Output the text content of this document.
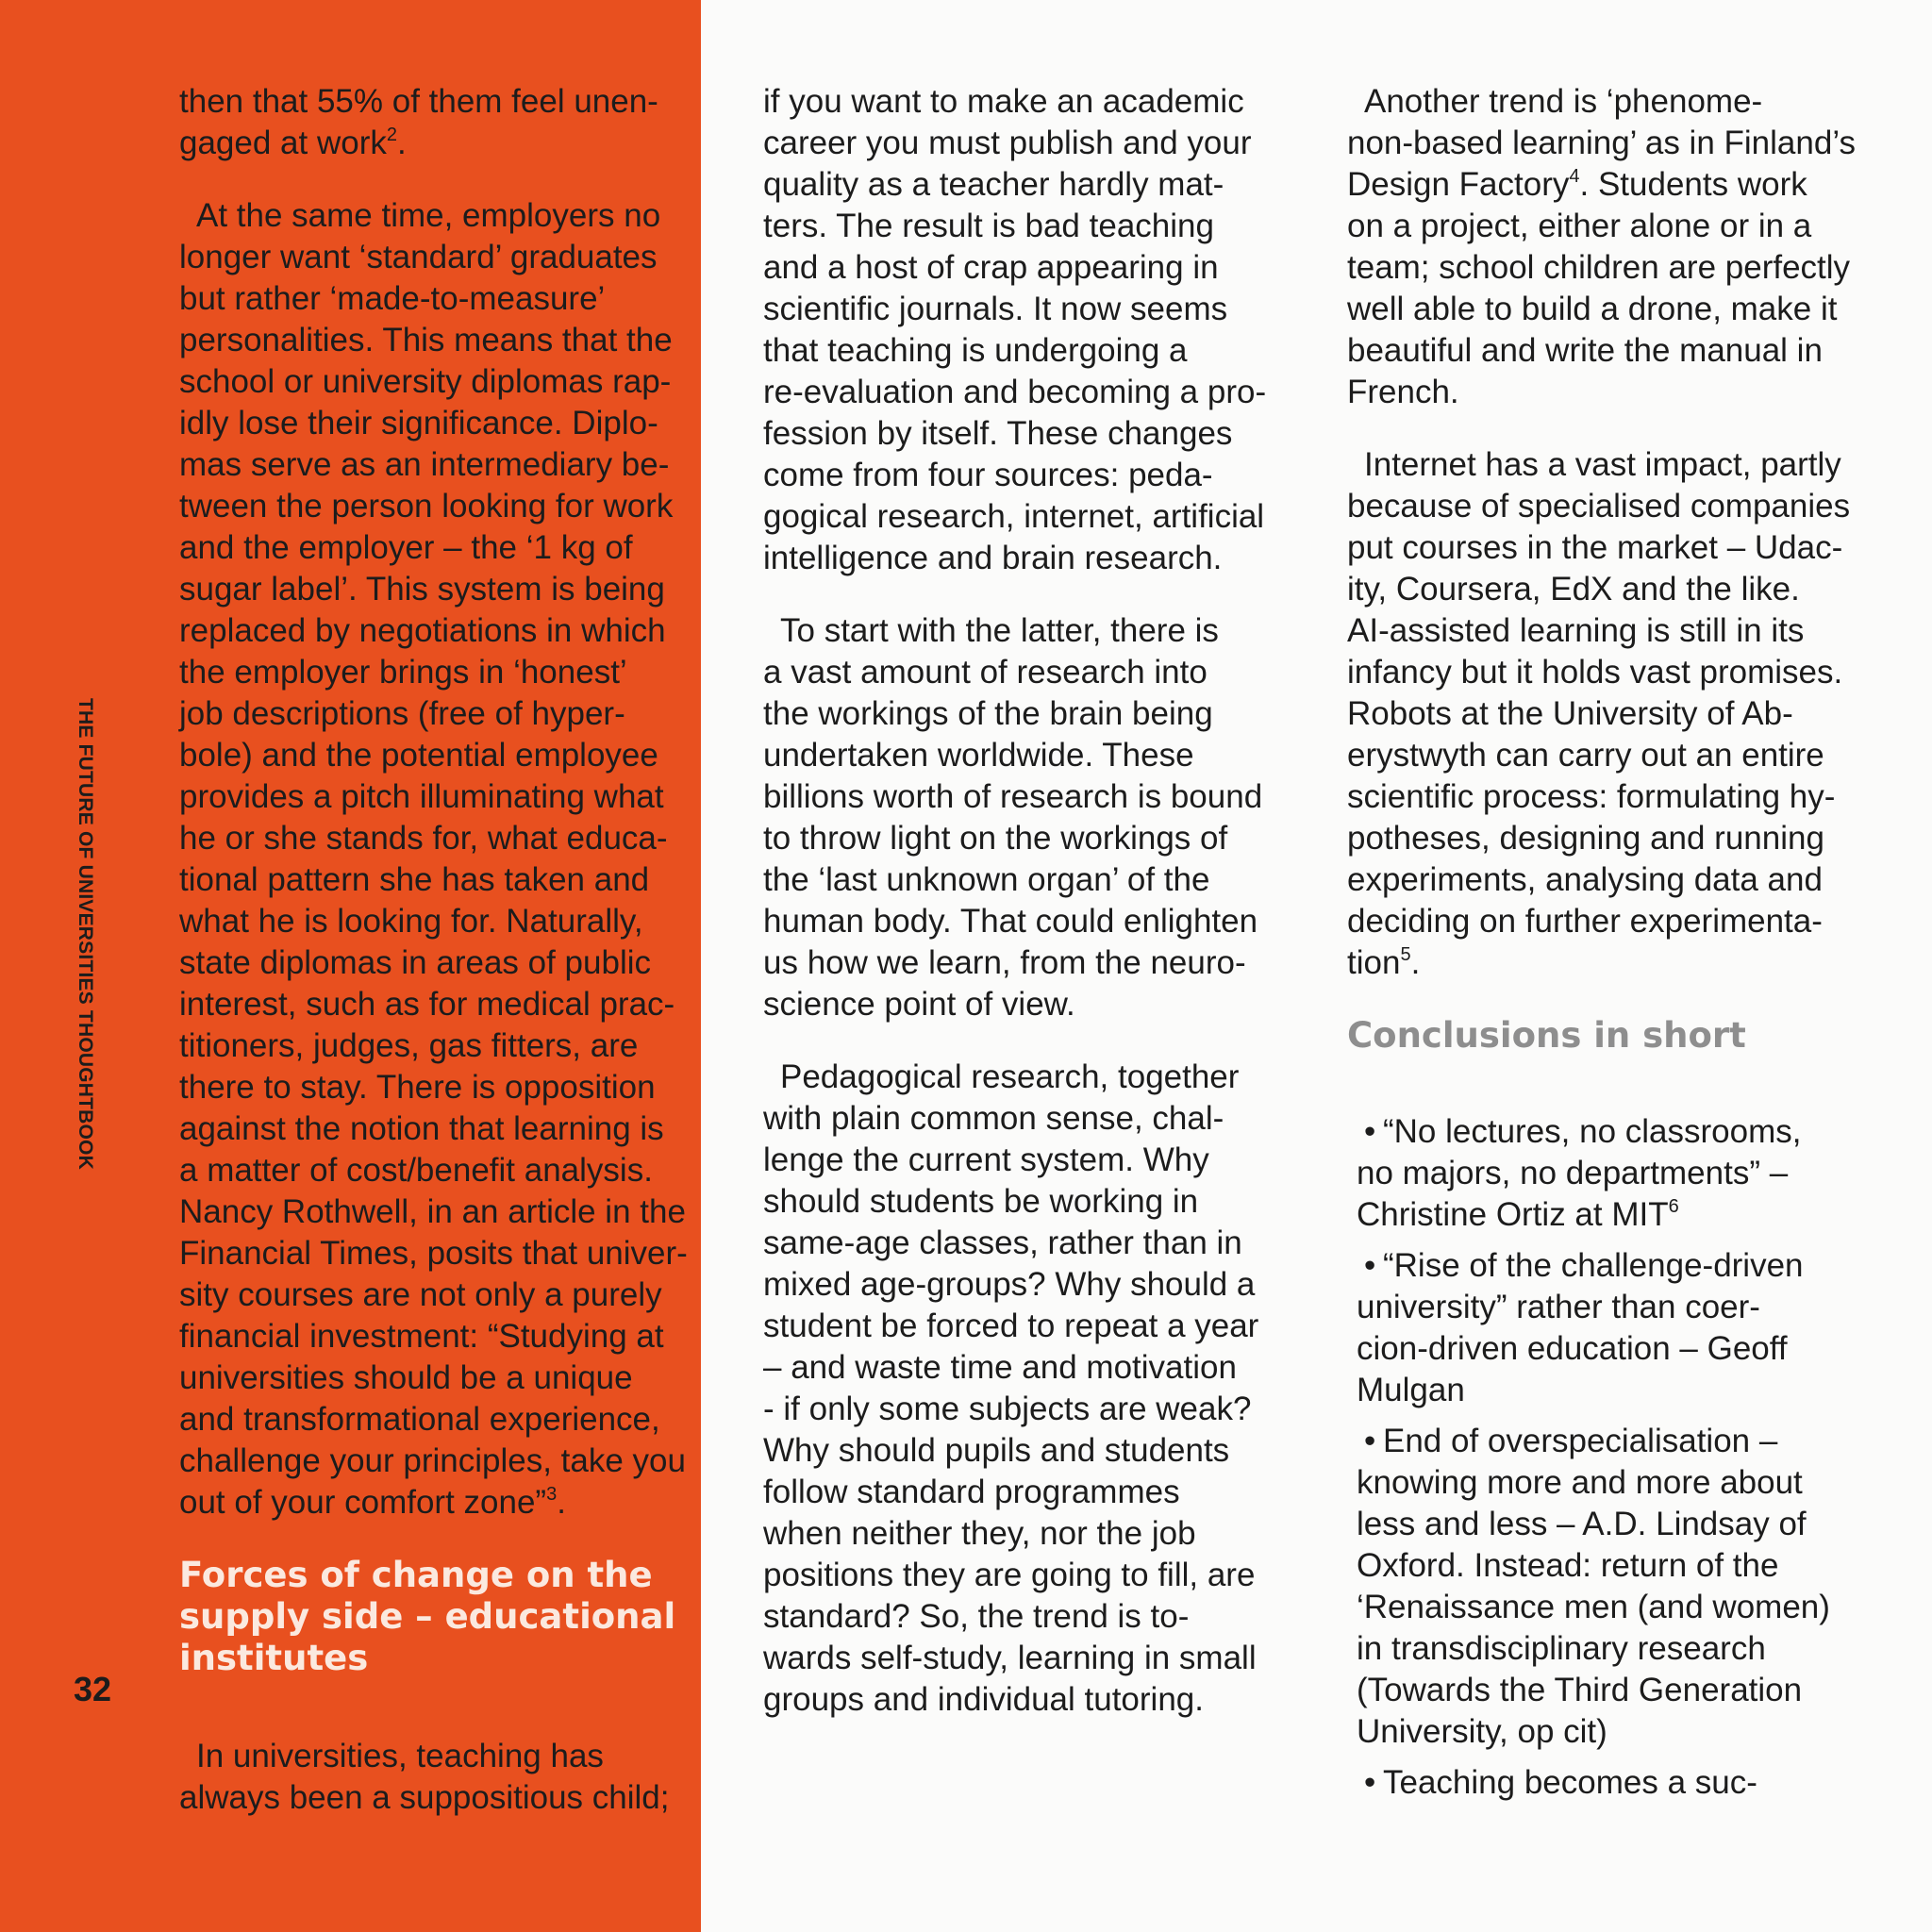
THE FUTURE OF UNIVERSITIES THOUGHTBOOK
32

then that 55% of them feel unen-
gaged at work$^2$.

At the same time, employers no
longer want ‘standard’ graduates
but rather ‘made-to-measure’
personalities. This means that the
school or university diplomas rap-
idly lose their significance. Diplo-
mas serve as an intermediary be-
tween the person looking for work
and the employer – the ‘1 kg of
sugar label’. This system is being
replaced by negotiations in which
the employer brings in ‘honest’
job descriptions (free of hyper-
bole) and the potential employee
provides a pitch illuminating what
he or she stands for, what educa-
tional pattern she has taken and
what he is looking for. Naturally,
state diplomas in areas of public
interest, such as for medical prac-
titioners, judges, gas fitters, are
there to stay. There is opposition
against the notion that learning is
a matter of cost/benefit analysis.
Nancy Rothwell, in an article in the
Financial Times, posits that univer-
sity courses are not only a purely
financial investment: “Studying at
universities should be a unique
and transformational experience,
challenge your principles, take you
out of your comfort zone”$^3$.

Forces of change on the
supply side – educational
institutes

In universities, teaching has
always been a suppositious child;

if you want to make an academic
career you must publish and your
quality as a teacher hardly mat-
ters. The result is bad teaching
and a host of crap appearing in
scientific journals. It now seems
that teaching is undergoing a
re-evaluation and becoming a pro-
fession by itself. These changes
come from four sources: peda-
gogical research, internet, artificial
intelligence and brain research.

To start with the latter, there is
a vast amount of research into
the workings of the brain being
undertaken worldwide. These
billions worth of research is bound
to throw light on the workings of
the ‘last unknown organ’ of the
human body. That could enlighten
us how we learn, from the neuro-
science point of view.

Pedagogical research, together
with plain common sense, chal-
lenge the current system. Why
should students be working in
same-age classes, rather than in
mixed age-groups? Why should a
student be forced to repeat a year
– and waste time and motivation
- if only some subjects are weak?
Why should pupils and students
follow standard programmes
when neither they, nor the job
positions they are going to fill, are
standard? So, the trend is to-
wards self-study, learning in small
groups and individual tutoring.

Another trend is ‘phenome-
non-based learning’ as in Finland’s
Design Factory$^4$. Students work
on a project, either alone or in a
team; school children are perfectly
well able to build a drone, make it
beautiful and write the manual in
French.

Internet has a vast impact, partly
because of specialised companies
put courses in the market – Udac-
ity, Coursera, EdX and the like.
AI-assisted learning is still in its
infancy but it holds vast promises.
Robots at the University of Ab-
erystwyth can carry out an entire
scientific process: formulating hy-
potheses, designing and running
experiments, analysing data and
deciding on further experimenta-
tion$^5$.

Conclusions in short
• “No lectures, no classrooms,
no majors, no departments” –
Christine Ortiz at MIT$^6$
• “Rise of the challenge-driven
university” rather than coer-
cion-driven education – Geoff
Mulgan
• End of overspecialisation –
knowing more and more about
less and less – A.D. Lindsay of
Oxford. Instead: return of the
‘Renaissance men (and women)
in transdisciplinary research
(Towards the Third Generation
University, op cit)
• Teaching becomes a suc-
